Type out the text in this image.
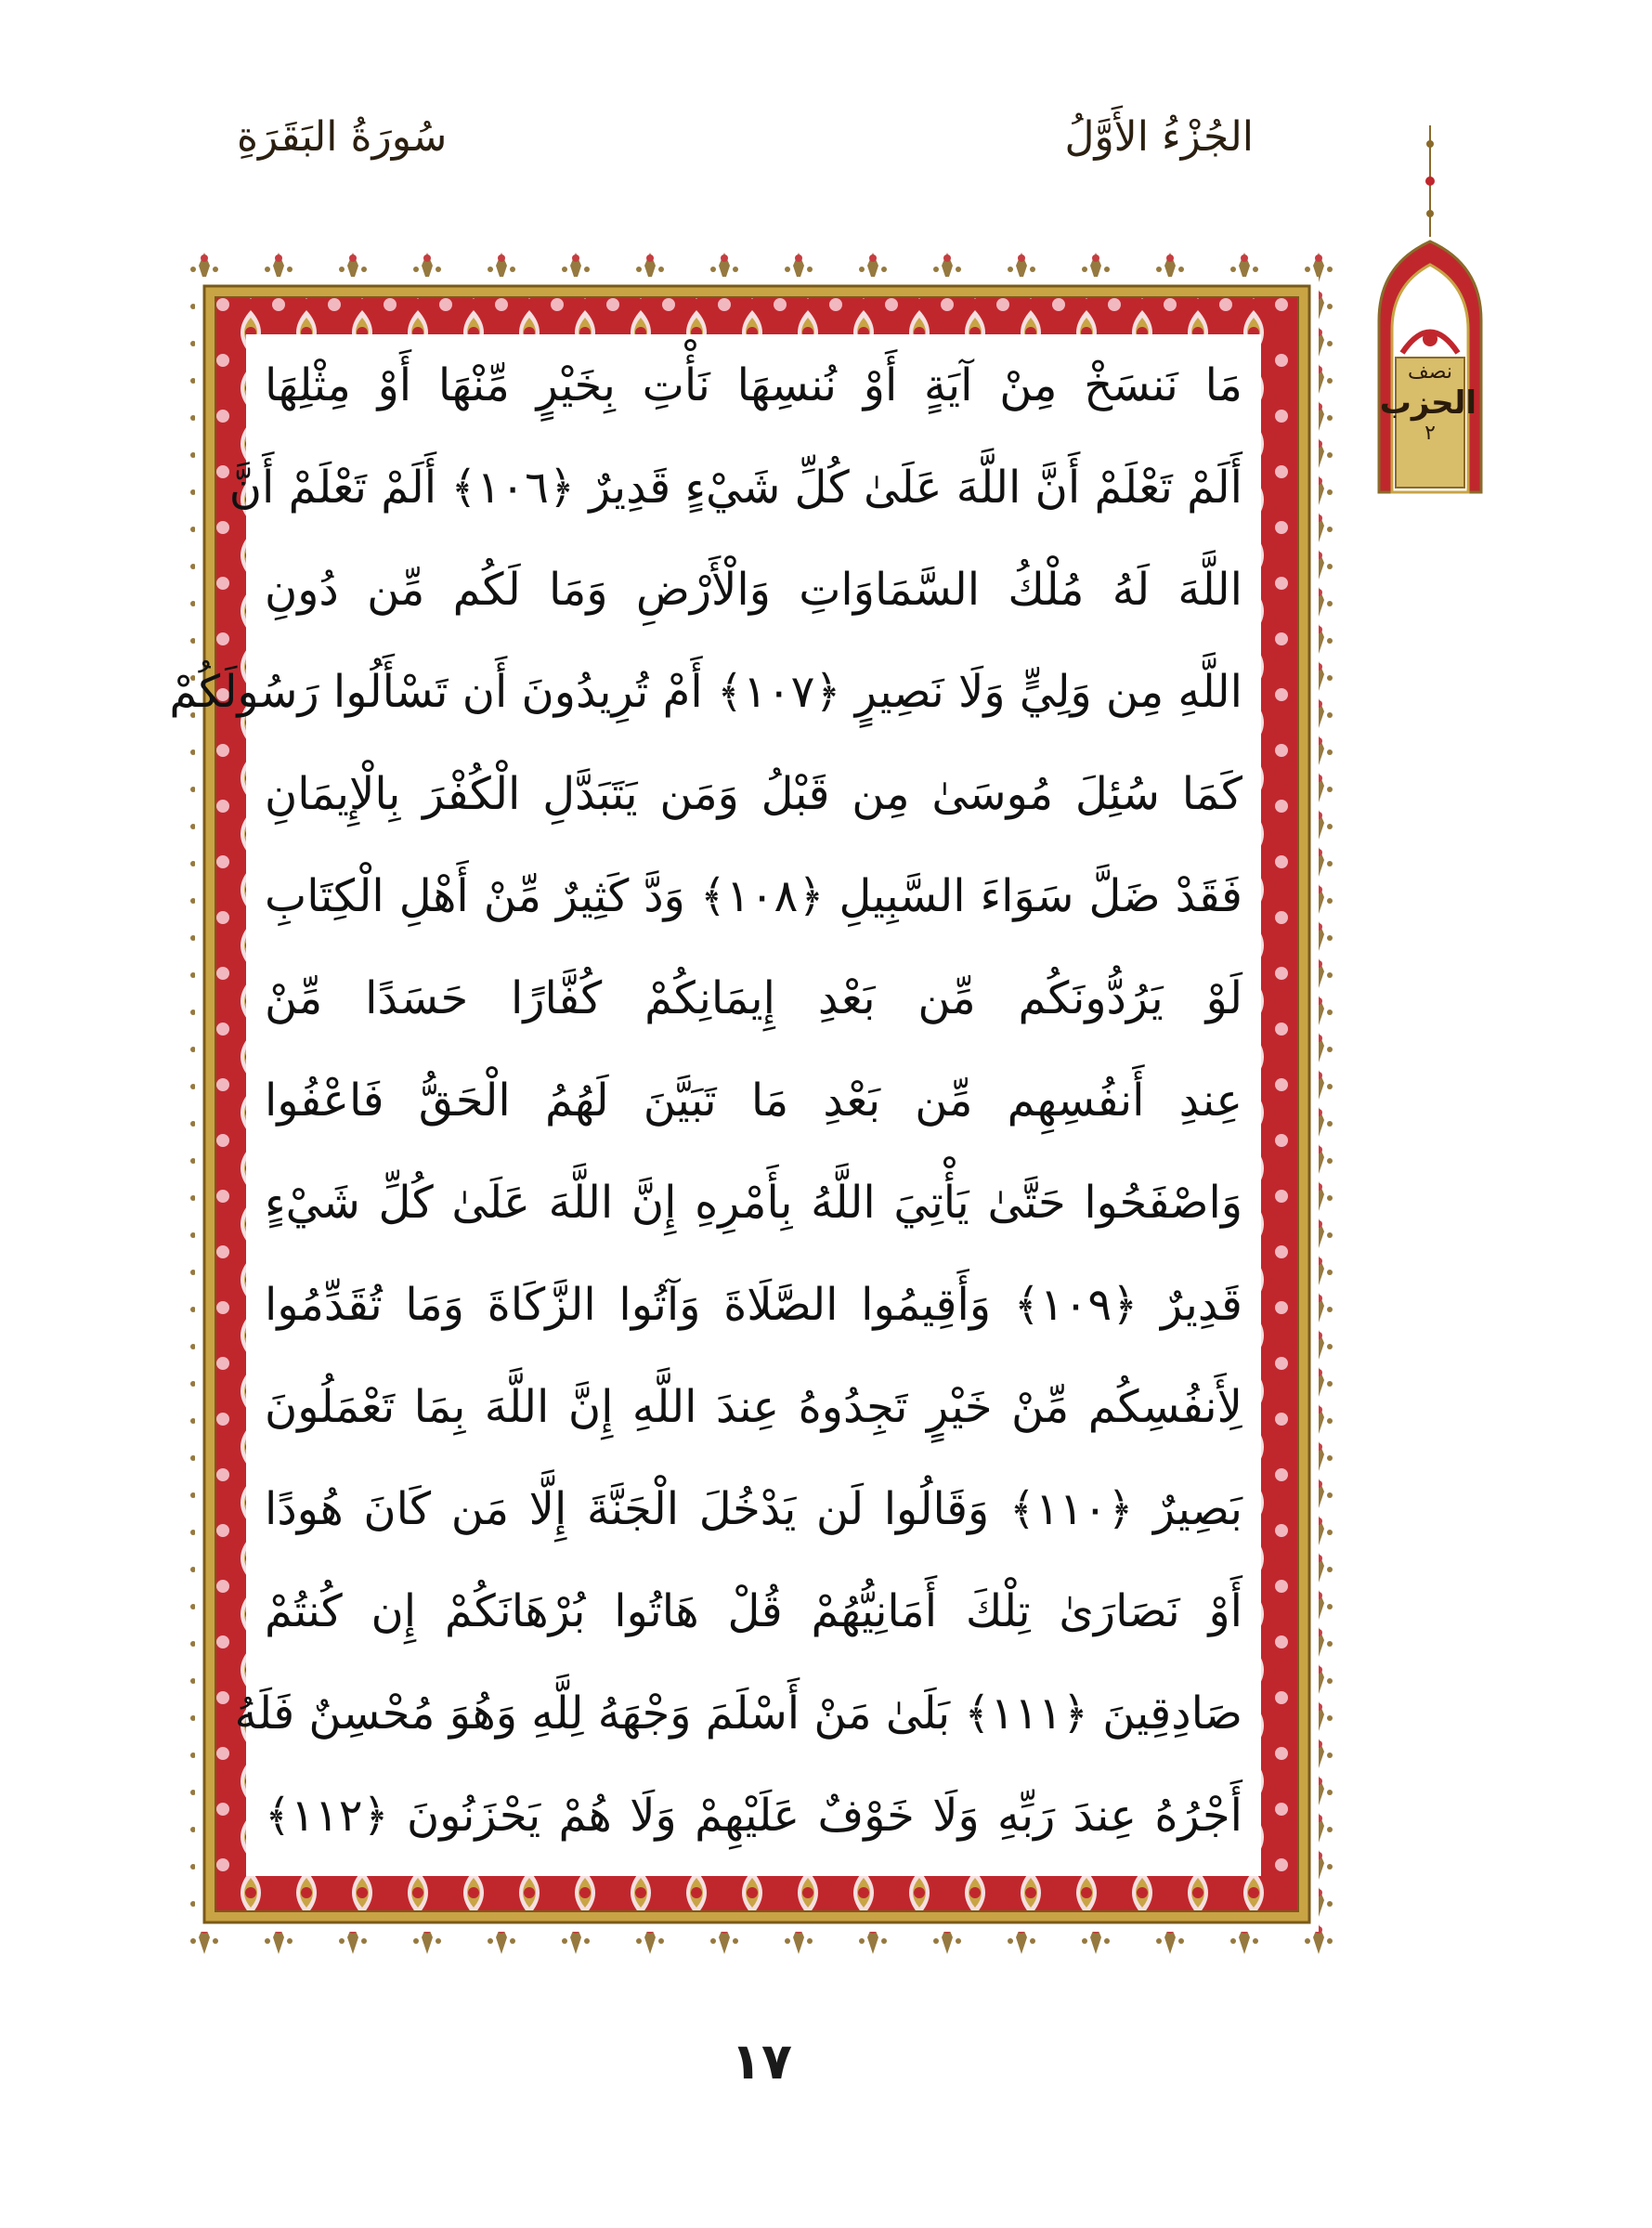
الجُزْءُ الأَوَّلُ
سُورَةُ البَقَرَةِ
نصف
الحزب
٢
مَا نَنسَخْ مِنْ آيَةٍ أَوْ نُنسِهَا نَأْتِ بِخَيْرٍ مِّنْهَا أَوْ مِثْلِهَا
أَلَمْ تَعْلَمْ أَنَّ اللَّهَ عَلَىٰ كُلِّ شَيْءٍ قَدِيرٌ ﴿١٠٦﴾ أَلَمْ تَعْلَمْ أَنَّ
اللَّهَ لَهُ مُلْكُ السَّمَاوَاتِ وَالْأَرْضِ وَمَا لَكُم مِّن دُونِ
اللَّهِ مِن وَلِيٍّ وَلَا نَصِيرٍ ﴿١٠٧﴾ أَمْ تُرِيدُونَ أَن تَسْأَلُوا رَسُولَكُمْ
كَمَا سُئِلَ مُوسَىٰ مِن قَبْلُ وَمَن يَتَبَدَّلِ الْكُفْرَ بِالْإِيمَانِ
فَقَدْ ضَلَّ سَوَاءَ السَّبِيلِ ﴿١٠٨﴾ وَدَّ كَثِيرٌ مِّنْ أَهْلِ الْكِتَابِ
لَوْ يَرُدُّونَكُم مِّن بَعْدِ إِيمَانِكُمْ كُفَّارًا حَسَدًا مِّنْ
عِندِ أَنفُسِهِم مِّن بَعْدِ مَا تَبَيَّنَ لَهُمُ الْحَقُّ فَاعْفُوا
وَاصْفَحُوا حَتَّىٰ يَأْتِيَ اللَّهُ بِأَمْرِهِ إِنَّ اللَّهَ عَلَىٰ كُلِّ شَيْءٍ
قَدِيرٌ ﴿١٠٩﴾ وَأَقِيمُوا الصَّلَاةَ وَآتُوا الزَّكَاةَ وَمَا تُقَدِّمُوا
لِأَنفُسِكُم مِّنْ خَيْرٍ تَجِدُوهُ عِندَ اللَّهِ إِنَّ اللَّهَ بِمَا تَعْمَلُونَ
بَصِيرٌ ﴿١١٠﴾ وَقَالُوا لَن يَدْخُلَ الْجَنَّةَ إِلَّا مَن كَانَ هُودًا
أَوْ نَصَارَىٰ تِلْكَ أَمَانِيُّهُمْ قُلْ هَاتُوا بُرْهَانَكُمْ إِن كُنتُمْ
صَادِقِينَ ﴿١١١﴾ بَلَىٰ مَنْ أَسْلَمَ وَجْهَهُ لِلَّهِ وَهُوَ مُحْسِنٌ فَلَهُ
أَجْرُهُ عِندَ رَبِّهِ وَلَا خَوْفٌ عَلَيْهِمْ وَلَا هُمْ يَحْزَنُونَ ﴿١١٢﴾
١٧
